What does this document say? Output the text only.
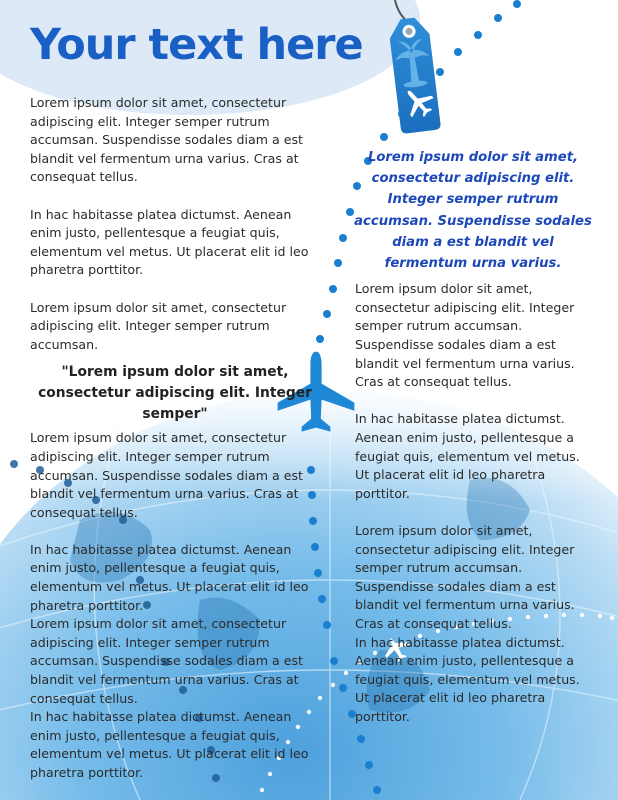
Your text here

Lorem ipsum dolor sit amet, consectetur adipiscing elit. Integer semper rutrum accumsan. Suspendisse sodales diam a est blandit vel fermentum urna varius. Cras at consequat tellus.

In hac habitasse platea dictumst. Aenean enim justo, pellentesque a feugiat quis, elementum vel metus. Ut placerat elit id leo pharetra porttitor.

Lorem ipsum dolor sit amet, consectetur adipiscing elit. Integer semper rutrum accumsan.

"Lorem ipsum dolor sit amet, consectetur adipiscing elit. Integer semper"

Lorem ipsum dolor sit amet, consectetur adipiscing elit. Integer semper rutrum accumsan. Suspendisse sodales diam a est blandit vel fermentum urna varius. Cras at consequat tellus.

In hac habitasse platea dictumst. Aenean enim justo, pellentesque a feugiat quis, elementum vel metus. Ut placerat elit id leo pharetra porttitor.

Lorem ipsum dolor sit amet, consectetur adipiscing elit. Integer semper rutrum accumsan. Suspendisse sodales diam a est blandit vel fermentum urna varius. Cras at consequat tellus.

In hac habitasse platea dictumst. Aenean enim justo, pellentesque a feugiat quis, elementum vel metus. Ut placerat elit id leo pharetra porttitor.

Lorem ipsum dolor sit amet, consectetur adipiscing elit. Integer semper rutrum accumsan. Suspendisse sodales diam a est blandit vel fermentum urna varius.

Lorem ipsum dolor sit amet, consectetur adipiscing elit. Integer semper rutrum accumsan. Suspendisse sodales diam a est blandit vel fermentum urna varius. Cras at consequat tellus.

In hac habitasse platea dictumst. Aenean enim justo, pellentesque a feugiat quis, elementum vel metus. Ut placerat elit id leo pharetra porttitor.

Lorem ipsum dolor sit amet, consectetur adipiscing elit. Integer semper rutrum accumsan. Suspendisse sodales diam a est blandit vel fermentum urna varius. Cras at consequat tellus.

In hac habitasse platea dictumst. Aenean enim justo, pellentesque a feugiat quis, elementum vel metus. Ut placerat elit id leo pharetra porttitor.
